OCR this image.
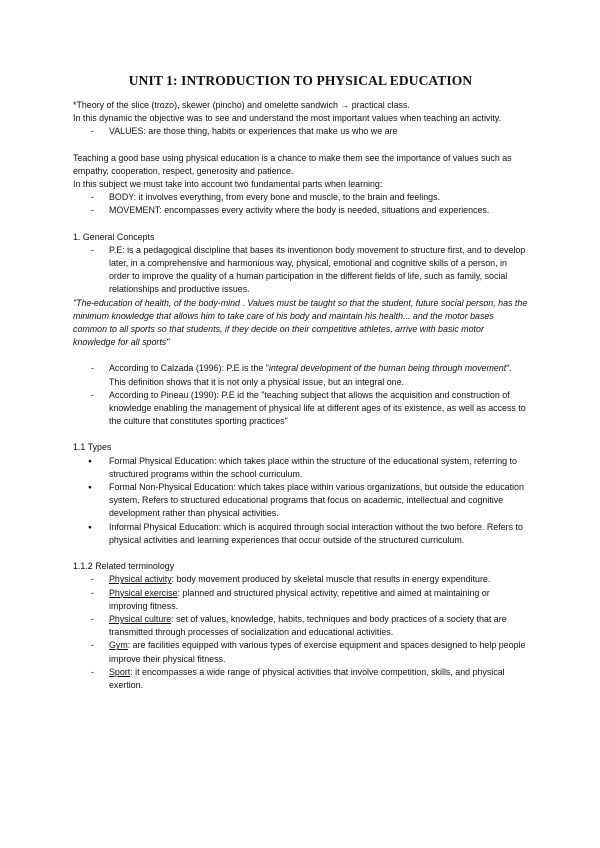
UNIT 1: INTRODUCTION TO PHYSICAL EDUCATION

*Theory of the slice (trozo), skewer (pincho) and omelette sandwich → practical class.

In this dynamic the objective was to see and understand the most important values when teaching an activity.

- VALUES: are those thing, habits or experiences that make us who we are

Teaching a good base using physical education is a chance to make them see the importance of values such as empathy, cooperation, respect, generosity and patience.

In this subject we must take into account two fundamental parts when learning:

- BODY: it involves everything, from every bone and muscle, to the brain and feelings.
- MOVEMENT: encompasses every activity where the body is needed, situations and experiences.

1. General Concepts

- P.E: is a pedagogical discipline that bases its inventionon body movement to structure first, and to develop later, in a comprehensive and harmonious way, physical, emotional and cognitive skills of a person, in order to improve the quality of a human participation in the different fields of life, such as family, social relationships and productive issues.

"The education of health, of the body-mind . Values must be taught so that the student, future social person, has the minimum knowledge that allows him to take care of his body and maintain his health... and the motor bases common to all sports so that students, if they decide on their competitive athletes, arrive with basic motor knowledge for all sports"

- According to Calzada (1996): P.E is the "integral development of the human being through movement". This definition shows that it is not only a physical issue, but an integral one.
- According to Pineau (1990): P.E id the "teaching subject that allows the acquisition and construction of knowledge enabling the management of physical life at different ages of its existence, as well as access to the culture that constitutes sporting practices"

1.1 Types

● Formal Physical Education: which takes place within the structure of the educational system, referring to structured programs within the school curriculum.
● Formal Non-Physical Education: which takes place within various organizations, but outside the education system. Refers to structured educational programs that focus on academic, intellectual and cognitive development rather than physical activities.
● Informal Physical Education: which is acquired through social interaction without the two before. Refers to physical activities and learning experiences that occur outside of the structured curriculum.

1.1.2 Related terminology

- Physical activity: body movement produced by skeletal muscle that results in energy expenditure.
- Physical exercise: planned and structured physical activity, repetitive and aimed at maintaining or improving fitness.
- Physical culture: set of values, knowledge, habits, techniques and body practices of a society that are transmitted through processes of socialization and educational activities.
- Gym: are facilities equipped with various types of exercise equipment and spaces designed to help people improve their physical fitness.
- Sport: it encompasses a wide range of physical activities that involve competition, skills, and physical exertion.
